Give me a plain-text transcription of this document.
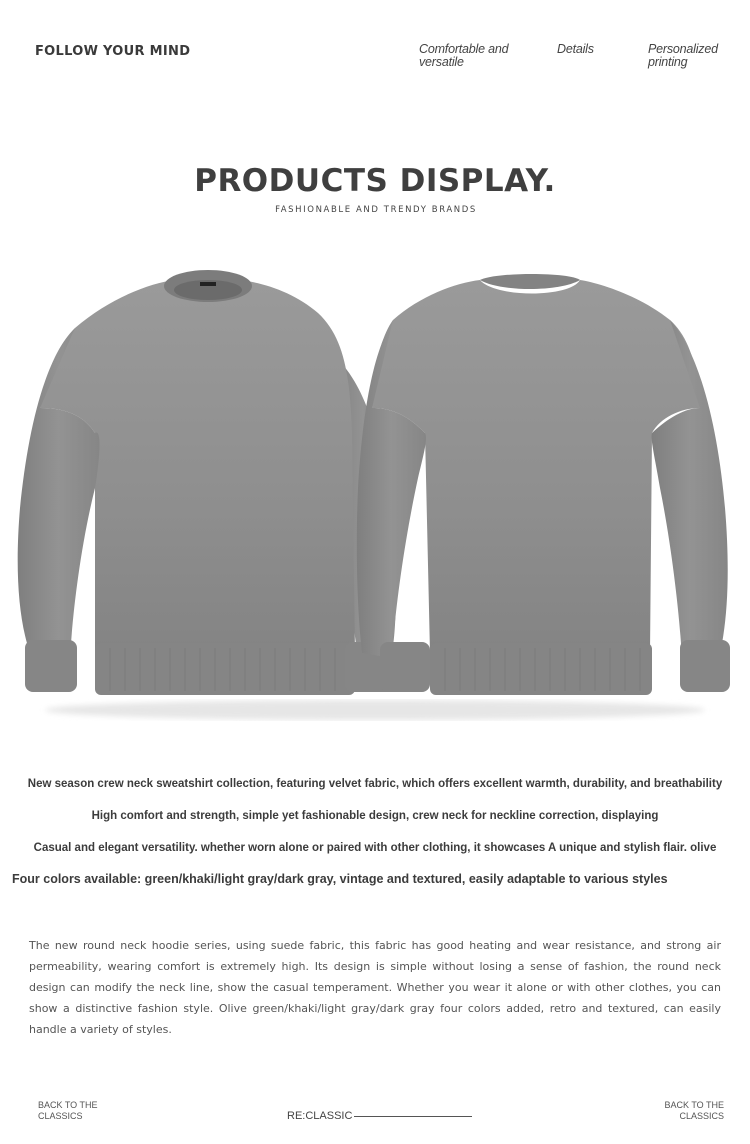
FOLLOW YOUR MIND	Comfortable and
versatile
Details	Personalized
printing
PRODUCTS DISPLAY.
FASHIONABLE AND TRENDY BRANDS
New season crew neck sweatshirt collection, featuring velvet fabric, which offers excellent warmth, durability, and breathability
High comfort and strength, simple yet fashionable design, crew neck for neckline correction, displaying
Casual and elegant versatility. whether worn alone or paired with other clothing, it showcases A unique and stylish flair. olive
Four colors available: green/khaki/light gray/dark gray, vintage and textured, easily adaptable to various styles
The new round neck hoodie series, using suede fabric, this fabric has good heating and wear resistance, and strong air permeability, wearing comfort is extremely high. Its design is simple without losing a sense of fashion, the round neck design can modify the neck line, show the casual temperament. Whether you wear it alone or with other clothes, you can show a distinctive fashion style. Olive green/khaki/light gray/dark gray four colors added, retro and textured, can easily handle a variety of styles.
BACK TO THE
CLASSICS	RE:CLASSIC
BACK TO THE
CLASSICS
